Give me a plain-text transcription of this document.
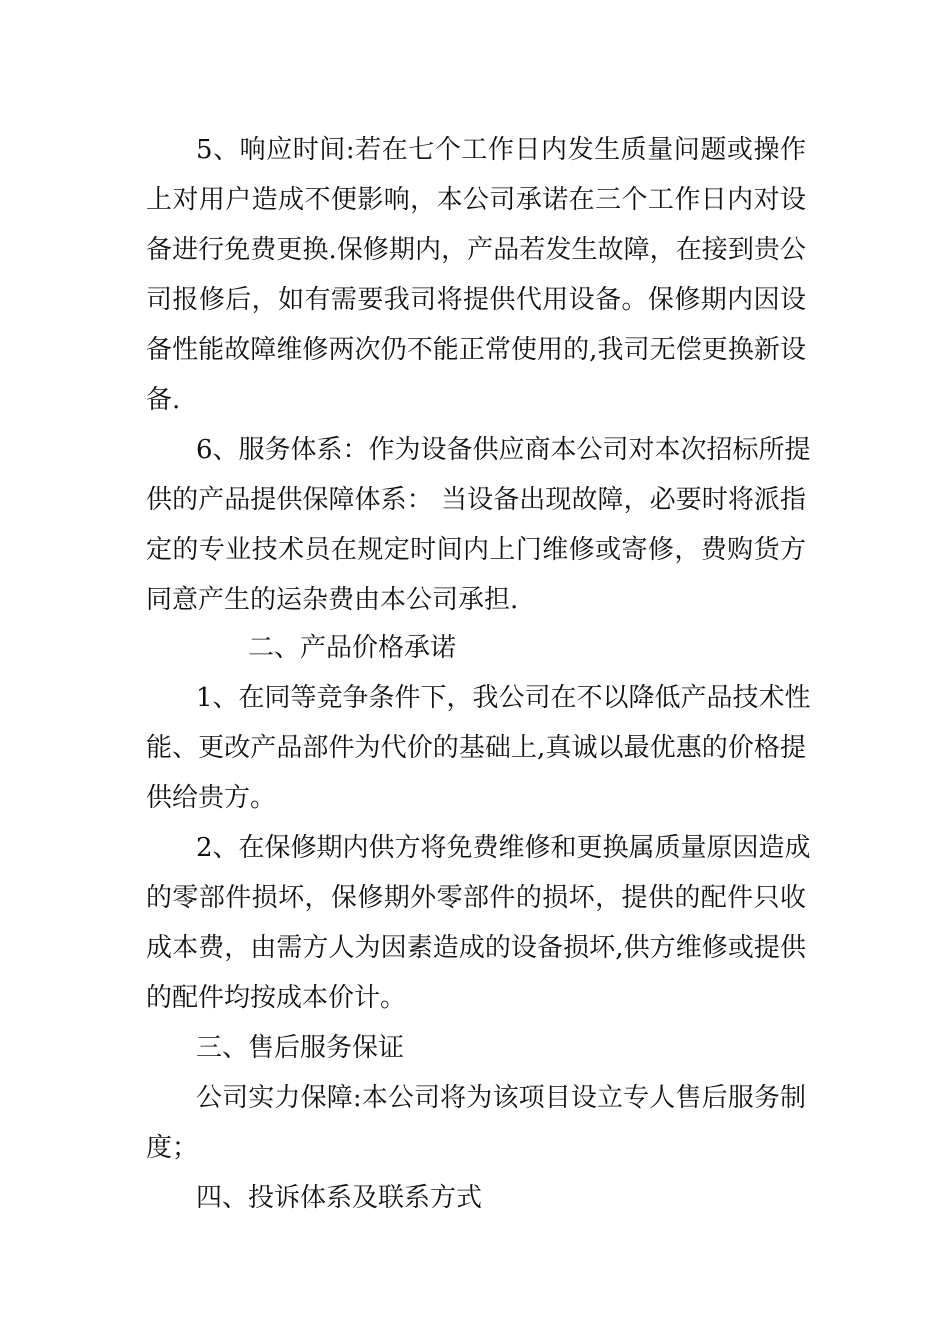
5、响应时间:若在七个工作日内发生质量问题或操作
上对用户造成不便影响，本公司承诺在三个工作日内对设
备进行免费更换.保修期内，产品若发生故障，在接到贵公
司报修后，如有需要我司将提供代用设备。保修期内因设
备性能故障维修两次仍不能正常使用的,我司无偿更换新设
备.
6、服务体系：作为设备供应商本公司对本次招标所提
供的产品提供保障体系： 当设备出现故障，必要时将派指
定的专业技术员在规定时间内上门维修或寄修，费购货方
同意产生的运杂费由本公司承担.
二、产品价格承诺
1、在同等竞争条件下，我公司在不以降低产品技术性
能、更改产品部件为代价的基础上,真诚以最优惠的价格提
供给贵方。
2、在保修期内供方将免费维修和更换属质量原因造成
的零部件损坏，保修期外零部件的损坏，提供的配件只收
成本费，由需方人为因素造成的设备损坏,供方维修或提供
的配件均按成本价计。
三、售后服务保证
公司实力保障:本公司将为该项目设立专人售后服务制
度；
四、投诉体系及联系方式
